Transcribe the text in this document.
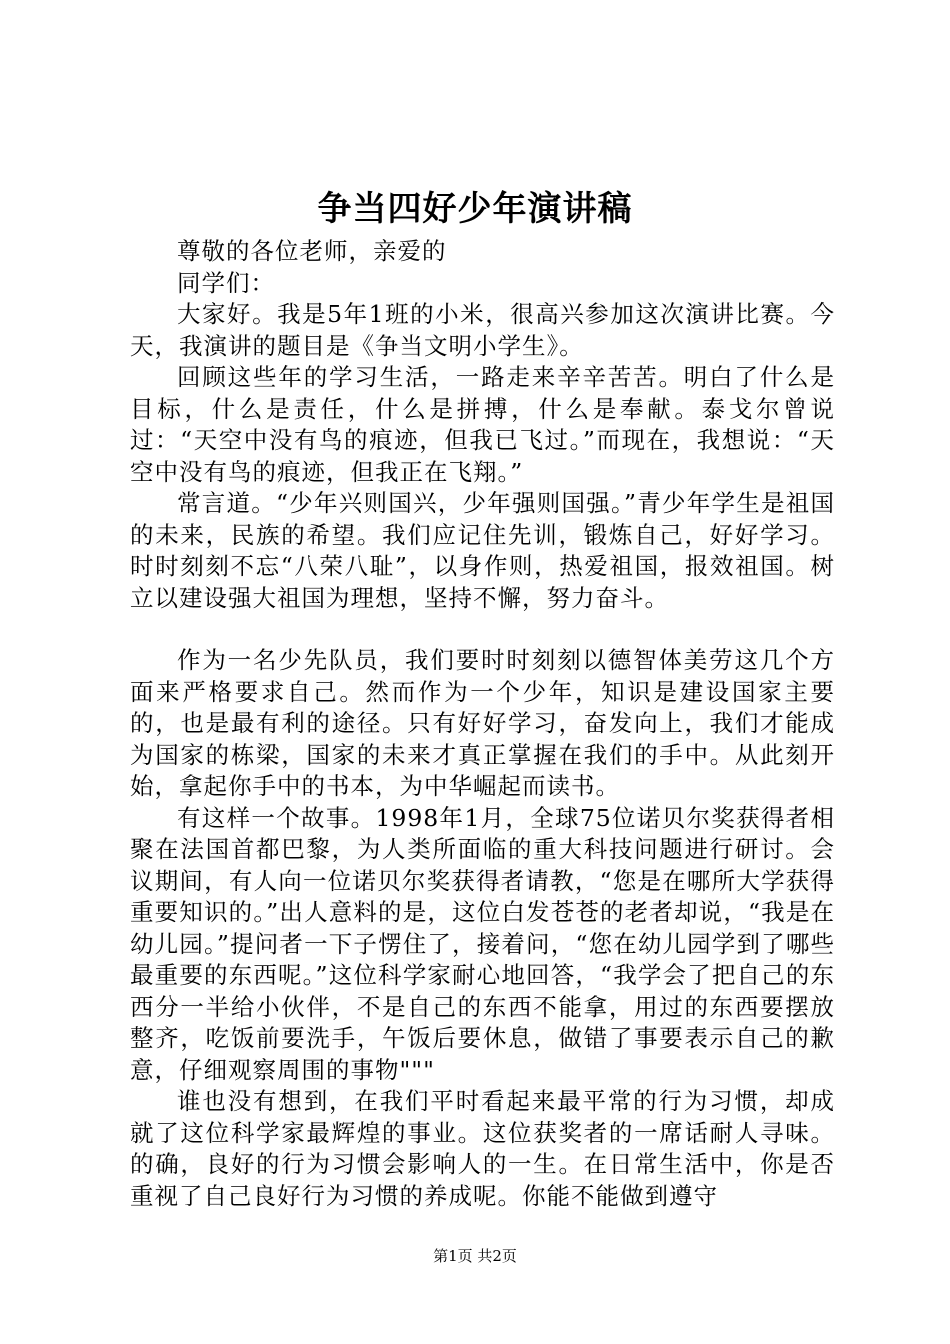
争当四好少年演讲稿

尊敬的各位老师，亲爱的

同学们：

大家好。我是5年1班的小米，很高兴参加这次演讲比赛。今天，我演讲的题目是《争当文明小学生》。

回顾这些年的学习生活，一路走来辛辛苦苦。明白了什么是目标，什么是责任，什么是拼搏，什么是奉献。泰戈尔曾说过：“天空中没有鸟的痕迹，但我已飞过。”而现在，我想说：“天空中没有鸟的痕迹，但我正在飞翔。”

常言道。“少年兴则国兴，少年强则国强。”青少年学生是祖国的未来，民族的希望。我们应记住先训，锻炼自己，好好学习。时时刻刻不忘“八荣八耻”，以身作则，热爱祖国，报效祖国。树立以建设强大祖国为理想，坚持不懈，努力奋斗。

作为一名少先队员，我们要时时刻刻以德智体美劳这几个方面来严格要求自己。然而作为一个少年，知识是建设国家主要的，也是最有利的途径。只有好好学习，奋发向上，我们才能成为国家的栋梁，国家的未来才真正掌握在我们的手中。从此刻开始，拿起你手中的书本，为中华崛起而读书。

有这样一个故事。1998年1月，全球75位诺贝尔奖获得者相聚在法国首都巴黎，为人类所面临的重大科技问题进行研讨。会议期间，有人向一位诺贝尔奖获得者请教，“您是在哪所大学获得重要知识的。”出人意料的是，这位白发苍苍的老者却说，“我是在幼儿园。”提问者一下子愣住了，接着问，“您在幼儿园学到了哪些最重要的东西呢。”这位科学家耐心地回答，“我学会了把自己的东西分一半给小伙伴，不是自己的东西不能拿，用过的东西要摆放整齐，吃饭前要洗手，午饭后要休息，做错了事要表示自己的歉意，仔细观察周围的事物"""

谁也没有想到，在我们平时看起来最平常的行为习惯，却成就了这位科学家最辉煌的事业。这位获奖者的一席话耐人寻味。的确，良好的行为习惯会影响人的一生。在日常生活中，你是否重视了自己良好行为习惯的养成呢。你能不能做到遵守

第1页 共2页
